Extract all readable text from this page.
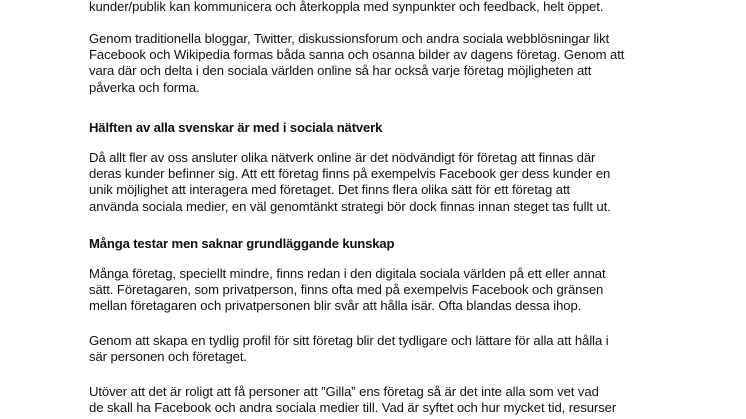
kunder/publik kan kommunicera och återkoppla med synpunkter och feedback, helt öppet.
Genom traditionella bloggar, Twitter, diskussionsforum och andra sociala webblösningar likt
Facebook och Wikipedia formas båda sanna och osanna bilder av dagens företag. Genom att
vara där och delta i den sociala världen online så har också varje företag möjligheten att
påverka och forma.
Hälften av alla svenskar är med i sociala nätverk
Då allt fler av oss ansluter olika nätverk online är det nödvändigt för företag att finnas där
deras kunder befinner sig. Att ett företag finns på exempelvis Facebook ger dess kunder en
unik möjlighet att interagera med företaget. Det finns flera olika sätt för ett företag att
använda sociala medier, en väl genomtänkt strategi bör dock finnas innan steget tas fullt ut.
Många testar men saknar grundläggande kunskap
Många företag, speciellt mindre, finns redan i den digitala sociala världen på ett eller annat
sätt. Företagaren, som privatperson, finns ofta med på exempelvis Facebook och gränsen
mellan företagaren och privatpersonen blir svår att hålla isär. Ofta blandas dessa ihop.
Genom att skapa en tydlig profil för sitt företag blir det tydligare och lättare för alla att hålla i
sär personen och företaget.
Utöver att det är roligt att få personer att ”Gilla” ens företag så är det inte alla som vet vad
de skall ha Facebook och andra sociala medier till. Vad är syftet och hur mycket tid, resurser
